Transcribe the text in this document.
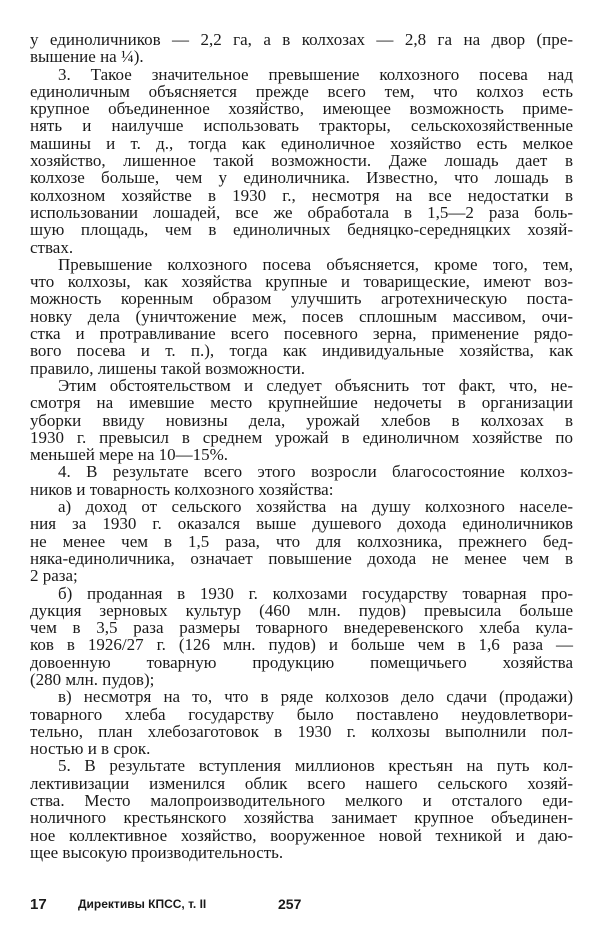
у единоличников — 2,2 га, а в колхозах — 2,8 га на двор (пре-
вышение на ¼).
3. Такое значительное превышение колхозного посева над
единоличным объясняется прежде всего тем, что колхоз есть
крупное объединенное хозяйство, имеющее возможность приме-
нять и наилучше использовать тракторы, сельскохозяйственные
машины и т. д., тогда как единоличное хозяйство есть мелкое
хозяйство, лишенное такой возможности. Даже лошадь дает в
колхозе больше, чем у единоличника. Известно, что лошадь в
колхозном хозяйстве в 1930 г., несмотря на все недостатки в
использовании лошадей, все же обработала в 1,5—2 раза боль-
шую площадь, чем в единоличных бедняцко-середняцких хозяй-
ствах.
Превышение колхозного посева объясняется, кроме того, тем,
что колхозы, как хозяйства крупные и товарищеские, имеют воз-
можность коренным образом улучшить агротехническую поста-
новку дела (уничтожение меж, посев сплошным массивом, очи-
стка и протравливание всего посевного зерна, применение рядо-
вого посева и т. п.), тогда как индивидуальные хозяйства, как
правило, лишены такой возможности.
Этим обстоятельством и следует объяснить тот факт, что, не-
смотря на имевшие место крупнейшие недочеты в организации
уборки ввиду новизны дела, урожай хлебов в колхозах в
1930 г. превысил в среднем урожай в единоличном хозяйстве по
меньшей мере на 10—15%.
4. В результате всего этого возросли благосостояние колхоз-
ников и товарность колхозного хозяйства:
а) доход от сельского хозяйства на душу колхозного населе-
ния за 1930 г. оказался выше душевого дохода единоличников
не менее чем в 1,5 раза, что для колхозника, прежнего бед-
няка-единоличника, означает повышение дохода не менее чем в
2 раза;
б) проданная в 1930 г. колхозами государству товарная про-
дукция зерновых культур (460 млн. пудов) превысила больше
чем в 3,5 раза размеры товарного внедеревенского хлеба кула-
ков в 1926/27 г. (126 млн. пудов) и больше чем в 1,6 раза —
довоенную товарную продукцию помещичьего хозяйства
(280 млн. пудов);
в) несмотря на то, что в ряде колхозов дело сдачи (продажи)
товарного хлеба государству было поставлено неудовлетвори-
тельно, план хлебозаготовок в 1930 г. колхозы выполнили пол-
ностью и в срок.
5. В результате вступления миллионов крестьян на путь кол-
лективизации изменился облик всего нашего сельского хозяй-
ства. Место малопроизводительного мелкого и отсталого еди-
ноличного крестьянского хозяйства занимает крупное объединен-
ное коллективное хозяйство, вооруженное новой техникой и даю-
щее высокую производительность.
17	Директивы КПСС, т. II	257
